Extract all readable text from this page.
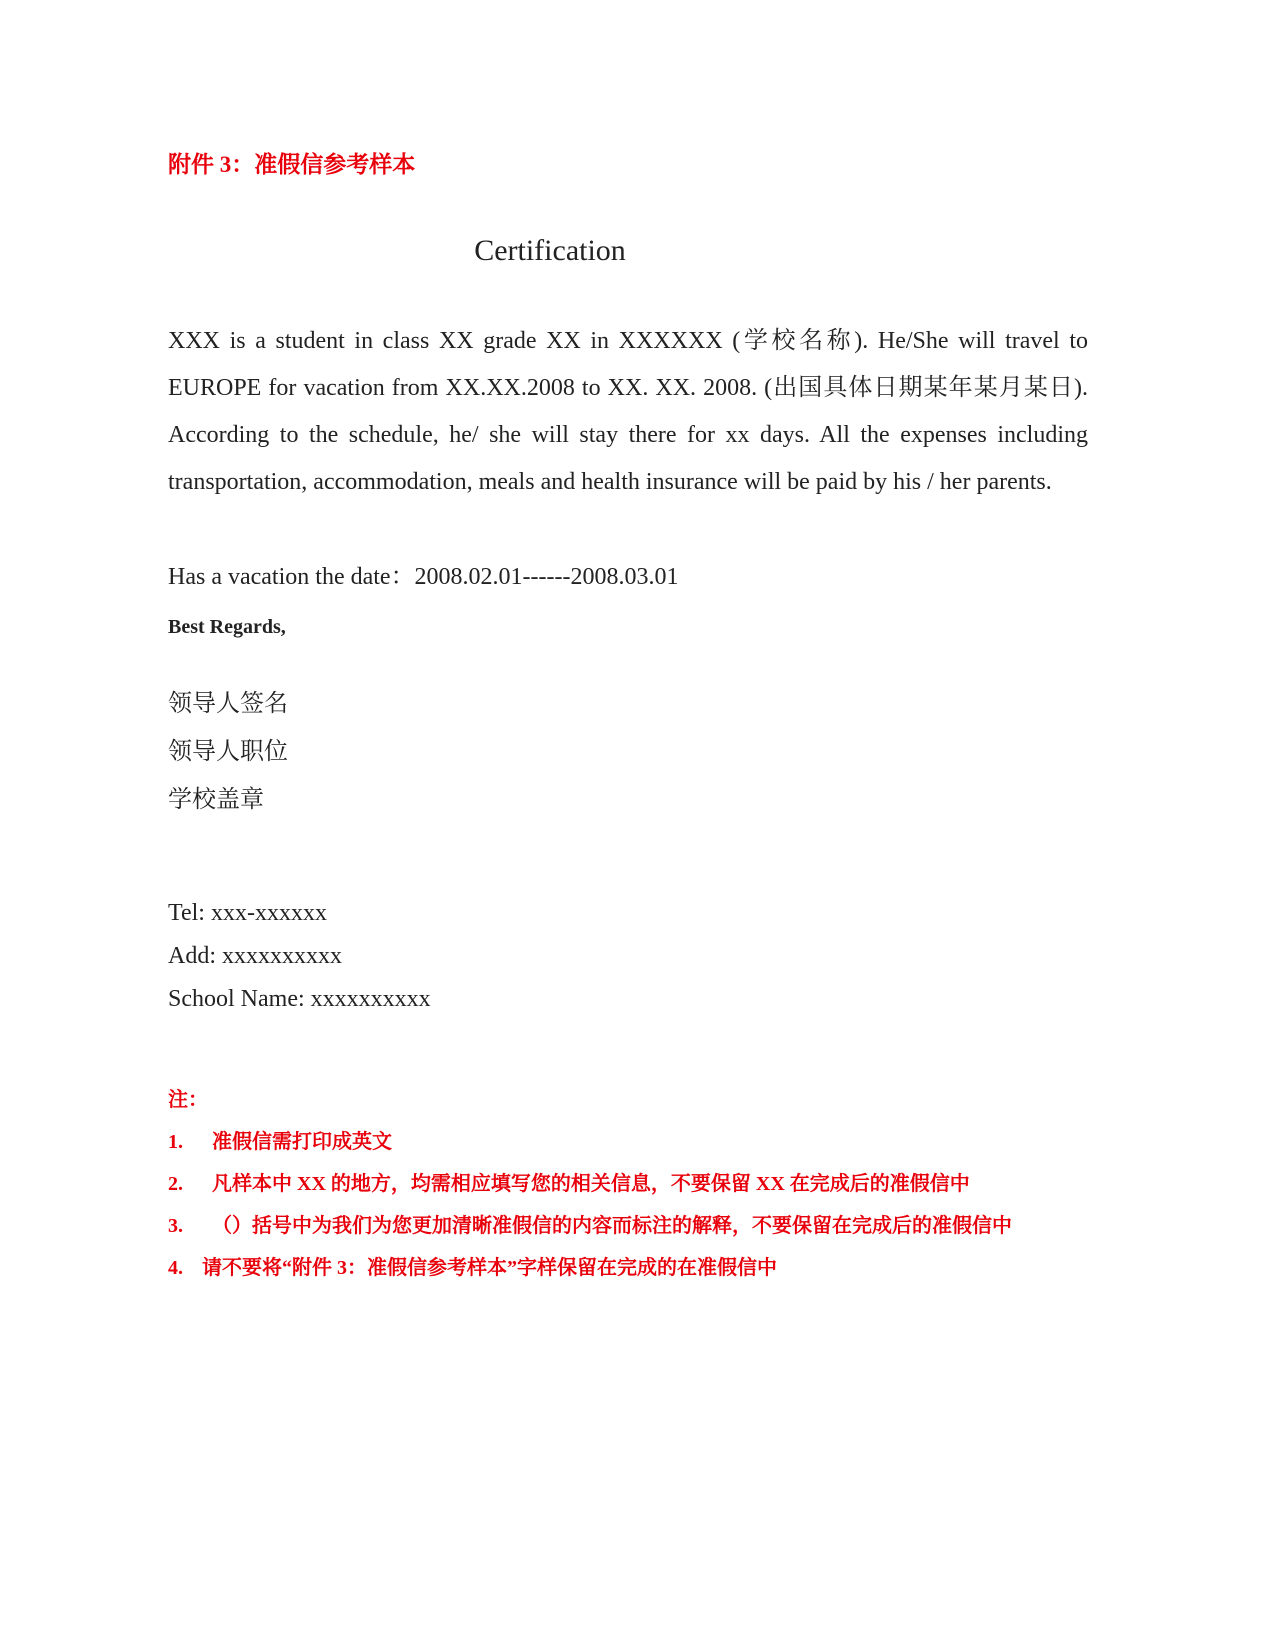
附件 3：准假信参考样本
Certification
XXX is a student in class XX grade XX in XXXXXX (学校名称). He/She will travel to EUROPE for vacation from XX.XX.2008 to XX. XX. 2008. (出国具体日期某年某月某日). According to the schedule, he/ she will stay there for xx days. All the expenses including transportation, accommodation, meals and health insurance will be paid by his / her parents.
Has a vacation the date：2008.02.01------2008.03.01
Best Regards,
领导人签名
领导人职位
学校盖章
Tel: xxx-xxxxxx
Add: xxxxxxxxxx
School Name: xxxxxxxxxx
注：
1. 准假信需打印成英文
2. 凡样本中 XX 的地方，均需相应填写您的相关信息，不要保留 XX 在完成后的准假信中
3. （）括号中为我们为您更加清晰准假信的内容而标注的解释，不要保留在完成后的准假信中
4. 请不要将“附件 3：准假信参考样本”字样保留在完成的在准假信中
